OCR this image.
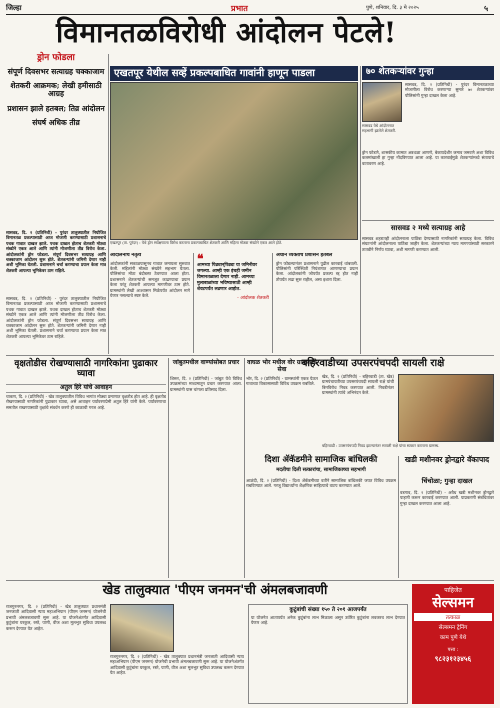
जिल्हा	प्रभात	पुणे, शनिवार, दि. ३ मे २०२५	५
विमानतळविरोधी आंदोलन पेटले!
ड्रोन फोडला
संपूर्ण दिवसभर सत्याग्रह चक्काजाम
शेतकरी आक्रमक; लेखी हमीसाठी आग्रह
प्रशासन झाले हतबल; तिव्र आंदोलन
संघर्ष अधिक तीव्र
सासवड, दि. २ (प्रतिनिधी) - पुरंदर तालुक्यातील नियोजित विमानतळ प्रकल्पासाठी आज मोजणी करण्यासाठी प्रशासनाचे पथक गावात दाखल झाले. पथक दाखल होताच शेतकरी मोठ्या संख्येने एकत्र आले आणि त्यांनी मोजणीला तीव्र विरोध केला. आंदोलकांनी ड्रोन फोडला. संपूर्ण दिवसभर सत्याग्रह आणि चक्काजाम आंदोलन सुरू होते. शेतकऱ्यांनी जमिनी देणार नाही अशी भूमिका घेतली. प्रशासनाने चर्चा करण्याचा प्रयत्न केला मात्र शेतकरी आपल्या भूमिकेवर ठाम राहिले.
सासवड, दि. २ (प्रतिनिधी) - पुरंदर तालुक्यातील नियोजित विमानतळ प्रकल्पासाठी आज मोजणी करण्यासाठी प्रशासनाचे पथक गावात दाखल झाले. पथक दाखल होताच शेतकरी मोठ्या संख्येने एकत्र आले आणि त्यांनी मोजणीला तीव्र विरोध केला. आंदोलकांनी ड्रोन फोडला. संपूर्ण दिवसभर सत्याग्रह आणि चक्काजाम आंदोलन सुरू होते. शेतकऱ्यांनी जमिनी देणार नाही अशी भूमिका घेतली. प्रशासनाने चर्चा करण्याचा प्रयत्न केला मात्र शेतकरी आपल्या भूमिकेवर ठाम राहिले.
एखतपूर येथील सव्हें प्रकल्पबाधित गावांनी हाणून पाडला
एखतपूर (ता. पुरंदर) : येथे ड्रोन सर्वेक्षणाला विरोध करताना प्रकल्पबाधित शेतकरी आणि महिला मोठ्या संख्येने एकत्र आले होते.
आंदोलनाचे नेतृत्व
आंदोलकांनी सकाळपासूनच गावात जमायला सुरुवात केली. महिलांनी मोठ्या संख्येने सहभाग घेतला. पोलिसांचा मोठा बंदोबस्त ठेवण्यात आला होता. प्रशासनाने शेतकऱ्यांची समजूत काढण्याचा प्रयत्न केला परंतु शेतकरी आपल्या मागणीवर ठाम होते. ग्रामस्थांनी लेखी आश्वासन मिळेपर्यंत आंदोलन मागे घेणार नसल्याचे स्पष्ट केले.
❝
आमच्या पिढ्यान्‌पिढ्या या जमिनीवर जगल्या. आम्ही एक इंचही जमीन विमानतळाला देणार नाही. आमच्या मुलाबाळांच्या भविष्यासाठी आम्ही शेवटपर्यंत लढणार आहोत.
- आंदोलक शेतकरी
अधीन व्यक्तींचे प्रशासन हतबल
ड्रोन फोडल्यानंतर प्रशासनाने पुढील कारवाई थांबवली. पोलिसांनी परिस्थिती नियंत्रणात आणण्याचा प्रयत्न केला. आंदोलकांनी जोपर्यंत प्रकल्प रद्द होत नाही तोपर्यंत लढा सुरू राहील, असा इशारा दिला.
७० शेतकऱ्यांवर गुन्हा
सासवड येथे आंदोलनात सहभागी झालेले शेतकरी.
सासवड, दि. २ (प्रतिनिधी) - पुरंदर विमानतळाच्या मोजणीला विरोध करणाऱ्या सुमारे ७० शेतकऱ्यांवर पोलिसांनी गुन्हा दाखल केला आहे.
ड्रोन फोडणे, शासकीय कामात अडथळा आणणे, बेकायदेशीर जमाव जमवणे अशा विविध कलमांखाली हा गुन्हा नोंदविण्यात आला आहे. या कारवाईमुळे शेतकऱ्यांमध्ये संतापाचे वातावरण आहे.
सासवड २ मध्ये सत्याग्रह आहे
सासवड शहरातही आंदोलनाला पाठिंबा देण्यासाठी नागरिकांनी सत्याग्रह केला. विविध संघटनांनी आंदोलनाला पाठिंबा जाहीर केला. शेतकऱ्यांच्या न्याय मागण्यांसाठी सरकारने तातडीने निर्णय घ्यावा, अशी मागणी करण्यात आली.
वृक्षतोडीस रोखण्यासाठी नागरिकांना पुढाकार घ्यावा
अतुल हिरे यांचे आवाहन
चाकण, दि. २ (प्रतिनिधी) - खेड तालुक्यातील विविध भागांत मोठ्या प्रमाणात वृक्षतोड होत आहे. ही वृक्षतोड रोखण्यासाठी नागरिकांनी पुढाकार घ्यावा, असे आवाहन पर्यावरणप्रेमी अतुल हिरे यांनी केले. पर्यावरणाचा समतोल राखण्यासाठी वृक्षांचे संवर्धन करणे ही काळाची गरज आहे.
जांबुतमधील वाण्यांसोबत प्रचार
शिरूर, दि. २ (प्रतिनिधी) - जांबुत येथे विविध उपक्रमांच्या माध्यमातून प्रचार करण्यात आला. ग्रामस्थांनी यास चांगला प्रतिसाद दिला.
वाघळ भोर मधील वोर ग्रामस्थांचे सेवा
भोर, दि. २ (प्रतिनिधी) - ग्रामस्थांनी एकत्र येऊन गावाच्या विकासासाठी विविध उपक्रम राबविले.
बहिरवाडीच्या उपसरपंचपदी सायली राक्षे
खेड, दि. २ (प्रतिनिधी) - बहिरवाडी (ता. खेड) ग्रामपंचायतीच्या उपसरपंचपदी सायली राक्षे यांची बिनविरोध निवड करण्यात आली. निवडीनंतर ग्रामस्थांनी त्यांचे अभिनंदन केले.
बहिरवाडी : उपसरपंचपदी निवड झाल्यानंतर सायली राक्षे यांचा सत्कार करताना ग्रामस्थ.
दिशा ॲकॅडमीने सामाजिक बांधिलकी
मदतीचा दिली सत्कारांचा, सामाजिकाच्या सहभागी
आळंदी, दि. २ (प्रतिनिधी) - दिशा ॲकॅडमीच्या वतीने सामाजिक बांधिलकी जपत विविध उपक्रम राबविण्यात आले. गरजू विद्यार्थ्यांना शैक्षणिक साहित्याचे वाटप करण्यात आले.
खडी मशीनवर ड्रोनद्वारे वॅकापाद
चिंचोळा; गुन्हा दाखल
वडगाव, दि. २ (प्रतिनिधी) - अवैध खडी मशीनवर ड्रोनद्वारे पाहणी करून कारवाई करण्यात आली. याप्रकरणी संबंधितांवर गुन्हा दाखल करण्यात आला आहे.
खेड तालुक्यात 'पीएम जनमन'ची अंमलबजावणी
राजगुरुनगर, दि. २ (प्रतिनिधी) - खेड तालुक्यात प्रधानमंत्री जनजाती आदिवासी न्याय महाअभियान (पीएम जनमन) योजनेची प्रभावी अंमलबजावणी सुरू आहे. या योजनेअंतर्गत आदिवासी कुटुंबांना घरकुल, रस्ते, पाणी, वीज अशा मूलभूत सुविधा उपलब्ध करून देण्यात येत आहेत.
राजगुरुनगर, दि. २ (प्रतिनिधी) - खेड तालुक्यात प्रधानमंत्री जनजाती आदिवासी न्याय महाअभियान (पीएम जनमन) योजनेची प्रभावी अंमलबजावणी सुरू आहे. या योजनेअंतर्गत आदिवासी कुटुंबांना घरकुल, रस्ते, पाणी, वीज अशा मूलभूत सुविधा उपलब्ध करून देण्यात येत आहेत.
कुटुंबांची संख्या १५० ते २०१ आजपर्यंत
या योजनेत आतापर्यंत अनेक कुटुंबांना लाभ मिळाला असून उर्वरित कुटुंबांना लवकरच लाभ देण्यात येणार आहे.
पाहिजेत
सेल्समन
तत्काळ
सेल्समन ट्रेनिंग
काम पुणे येथे
पत्ता :
९८२३१२३४५६
